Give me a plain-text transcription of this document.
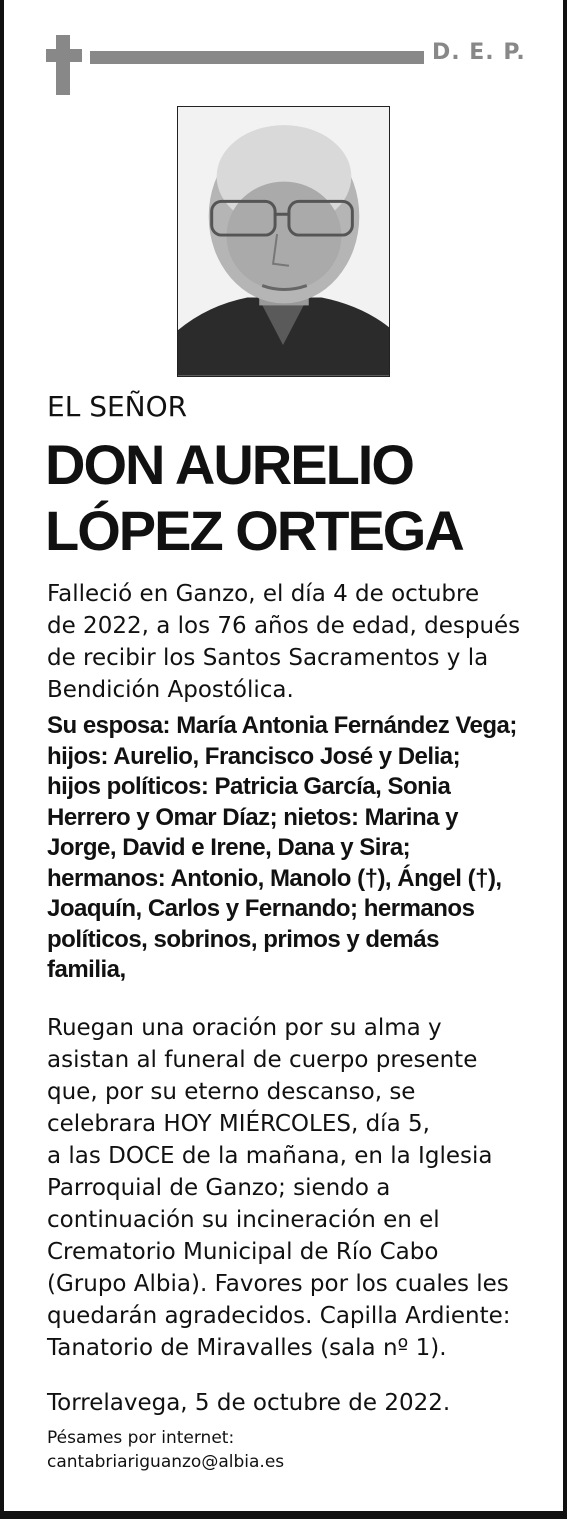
D. E. P.
EL SEÑOR
DON AURELIO
LÓPEZ ORTEGA
Falleció en Ganzo, el día 4 de octubre
de 2022, a los 76 años de edad, después
de recibir los Santos Sacramentos y la
Bendición Apostólica.
Su esposa: María Antonia Fernández Vega; hijos: Aurelio, Francisco José y Delia; hijos políticos: Patricia García, Sonia Herrero y Omar Díaz; nietos: Marina y Jorge, David e Irene, Dana y Sira; hermanos: Antonio, Manolo (†), Ángel (†), Joaquín, Carlos y Fernando; hermanos políticos, sobrinos, primos y demás familia,
Ruegan una oración por su alma y
asistan al funeral de cuerpo presente
que, por su eterno descanso, se
celebrara HOY MIÉRCOLES, día 5,
a las DOCE de la mañana, en la Iglesia
Parroquial de Ganzo; siendo a
continuación su incineración en el
Crematorio Municipal de Río Cabo
(Grupo Albia). Favores por los cuales les
quedarán agradecidos. Capilla Ardiente:
Tanatorio de Miravalles (sala nº 1).
Torrelavega, 5 de octubre de 2022.
Pésames por internet:
cantabriariguanzo@albia.es
